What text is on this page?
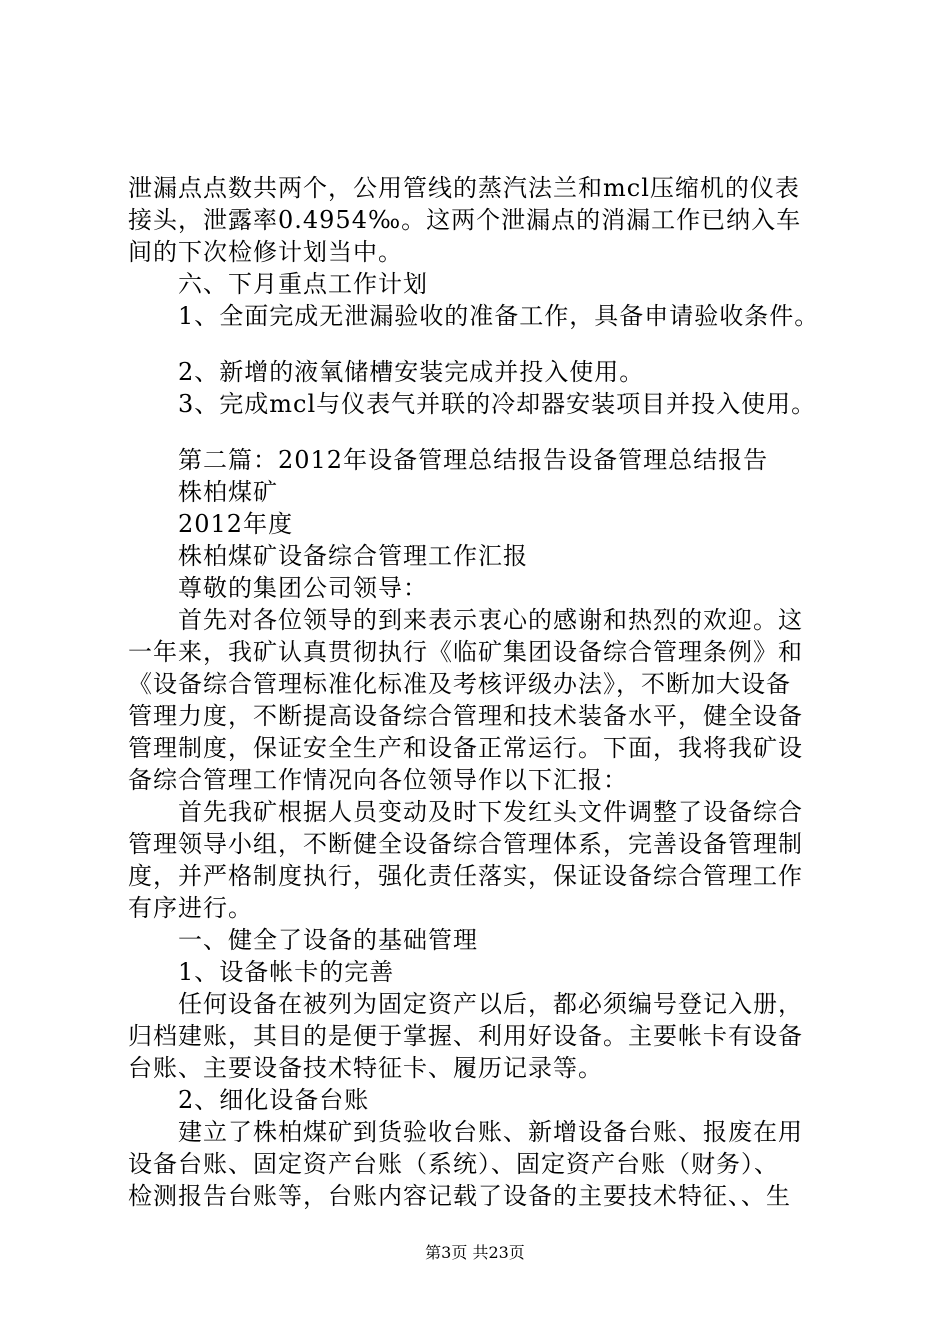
泄漏点点数共两个，公用管线的蒸汽法兰和mcl压缩机的仪表
接头，泄露率0.4954‰。这两个泄漏点的消漏工作已纳入车
间的下次检修计划当中。
六、下月重点工作计划
1、全面完成无泄漏验收的准备工作，具备申请验收条件。
2、新增的液氧储槽安装完成并投入使用。
3、完成mcl与仪表气并联的冷却器安装项目并投入使用。
第二篇：2012年设备管理总结报告设备管理总结报告
株柏煤矿
2012年度
株柏煤矿设备综合管理工作汇报
尊敬的集团公司领导：
首先对各位领导的到来表示衷心的感谢和热烈的欢迎。这
一年来，我矿认真贯彻执行《临矿集团设备综合管理条例》和
《设备综合管理标准化标准及考核评级办法》，不断加大设备
管理力度，不断提高设备综合管理和技术装备水平，健全设备
管理制度，保证安全生产和设备正常运行。下面，我将我矿设
备综合管理工作情况向各位领导作以下汇报：
首先我矿根据人员变动及时下发红头文件调整了设备综合
管理领导小组，不断健全设备综合管理体系，完善设备管理制
度，并严格制度执行，强化责任落实，保证设备综合管理工作
有序进行。
一、健全了设备的基础管理
1、设备帐卡的完善
任何设备在被列为固定资产以后，都必须编号登记入册，
归档建账，其目的是便于掌握、利用好设备。主要帐卡有设备
台账、主要设备技术特征卡、履历记录等。
2、细化设备台账
建立了株柏煤矿到货验收台账、新增设备台账、报废在用
设备台账、固定资产台账（系统）、固定资产台账（财务）、
检测报告台账等，台账内容记载了设备的主要技术特征、、生
第3页 共23页
